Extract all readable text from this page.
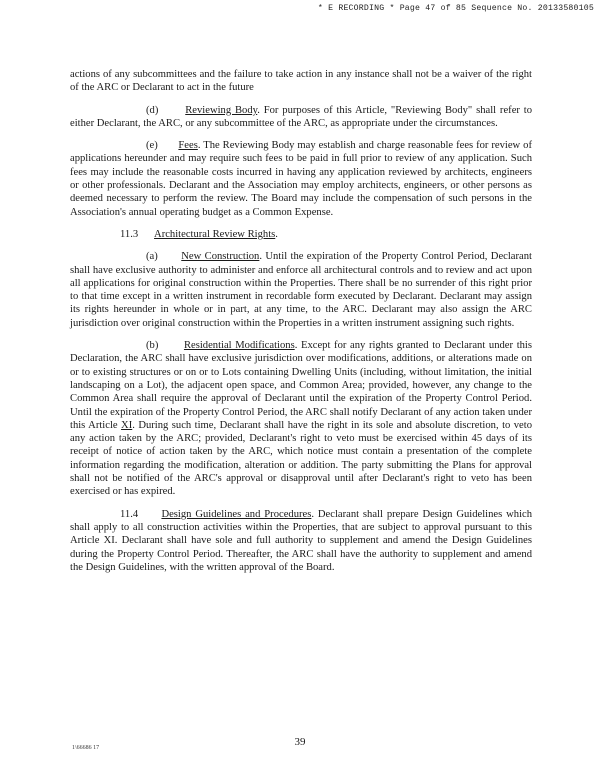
* E RECORDING * Page 47 of 85 Sequence No. 20133580105

actions of any subcommittees and the failure to take action in any instance shall not be a waiver of the right of the ARC or Declarant to act in the future

(d)	Reviewing Body. For purposes of this Article, "Reviewing Body" shall refer to either Declarant, the ARC, or any subcommittee of the ARC, as appropriate under the circumstances.

(e) Fees. The Reviewing Body may establish and charge reasonable fees for review of applications hereunder and may require such fees to be paid in full prior to review of any application. Such fees may include the reasonable costs incurred in having any application reviewed by architects, engineers or other professionals. Declarant and the Association may employ architects, engineers, or other persons as deemed necessary to perform the review. The Board may include the compensation of such persons in the Association's annual operating budget as a Common Expense.

11.3 Architectural Review Rights.

(a) New Construction. Until the expiration of the Property Control Period, Declarant shall have exclusive authority to administer and enforce all architectural controls and to review and act upon all applications for original construction within the Properties. There shall be no surrender of this right prior to that time except in a written instrument in recordable form executed by Declarant. Declarant may assign its rights hereunder in whole or in part, at any time, to the ARC. Declarant may also assign the ARC jurisdiction over original construction within the Properties in a written instrument assigning such rights.

(b) Residential Modifications. Except for any rights granted to Declarant under this Declaration, the ARC shall have exclusive jurisdiction over modifications, additions, or alterations made on or to existing structures or on or to Lots containing Dwelling Units (including, without limitation, the initial landscaping on a Lot), the adjacent open space, and Common Area; provided, however, any change to the Common Area shall require the approval of Declarant until the expiration of the Property Control Period. Until the expiration of the Property Control Period, the ARC shall notify Declarant of any action taken under this Article XI. During such time, Declarant shall have the right in its sole and absolute discretion, to veto any action taken by the ARC; provided, Declarant's right to veto must be exercised within 45 days of its receipt of notice of action taken by the ARC, which notice must contain a presentation of the complete information regarding the modification, alteration or addition. The party submitting the Plans for approval shall not be notified of the ARC's approval or disapproval until after Declarant's right to veto has been exercised or has expired.

11.4 Design Guidelines and Procedures. Declarant shall prepare Design Guidelines which shall apply to all construction activities within the Properties, that are subject to approval pursuant to this Article XI. Declarant shall have sole and full authority to supplement and amend the Design Guidelines during the Property Control Period. Thereafter, the ARC shall have the authority to supplement and amend the Design Guidelines, with the written approval of the Board.

1\66686 17	39
